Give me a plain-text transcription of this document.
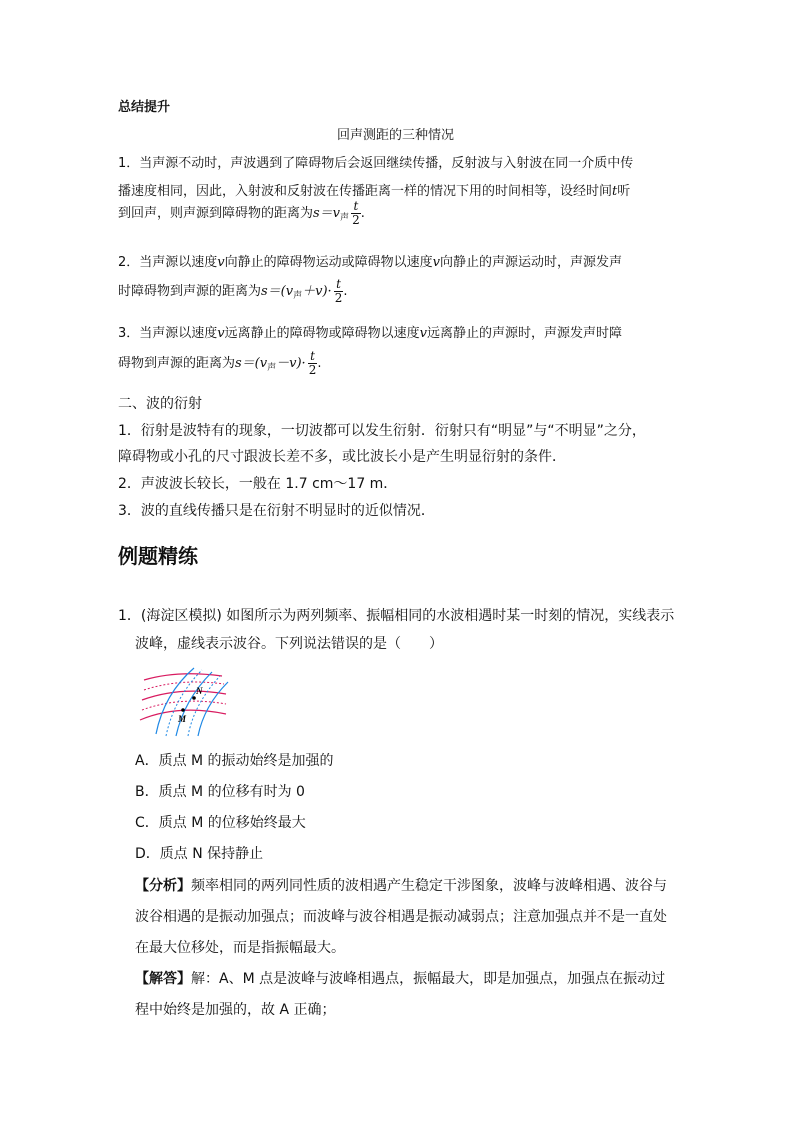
总结提升
回声测距的三种情况
1．当声源不动时，声波遇到了障碍物后会返回继续传播，反射波与入射波在同一介质中传
播速度相同，因此，入射波和反射波在传播距离一样的情况下用的时间相等，设经时间t听
到回声，则声源到障碍物的距离为$s=v_声 \frac{t}{2}$ .
2．当声源以速度v向静止的障碍物运动或障碍物以速度v向静止的声源运动时，声源发声
时障碍物到声源的距离为$s=(v_声+v)\cdot \frac{t}{2}$ .
3．当声源以速度v远离静止的障碍物或障碍物以速度v远离静止的声源时，声源发声时障
碍物到声源的距离为$s=(v_声-v)\cdot \frac{t}{2}$ .
二、波的衍射
1．衍射是波特有的现象，一切波都可以发生衍射．衍射只有“明显”与“不明显”之分，
障碍物或小孔的尺寸跟波长差不多，或比波长小是产生明显衍射的条件．
2．声波波长较长，一般在 1.7 cm～17 m．
3．波的直线传播只是在衍射不明显时的近似情况．
例题精练
1．(海淀区模拟) 如图所示为两列频率、振幅相同的水波相遇时某一时刻的情况，实线表示
波峰，虚线表示波谷。下列说法错误的是（　　）
N
M
A．质点 M 的振动始终是加强的
B．质点 M 的位移有时为 0
C．质点 M 的位移始终最大
D．质点 N 保持静止
【分析】频率相同的两列同性质的波相遇产生稳定干涉图象，波峰与波峰相遇、波谷与
波谷相遇的是振动加强点；而波峰与波谷相遇是振动减弱点；注意加强点并不是一直处
在最大位移处，而是指振幅最大。
【解答】解：A、M 点是波峰与波峰相遇点，振幅最大，即是加强点，加强点在振动过
程中始终是加强的，故 A 正确；
